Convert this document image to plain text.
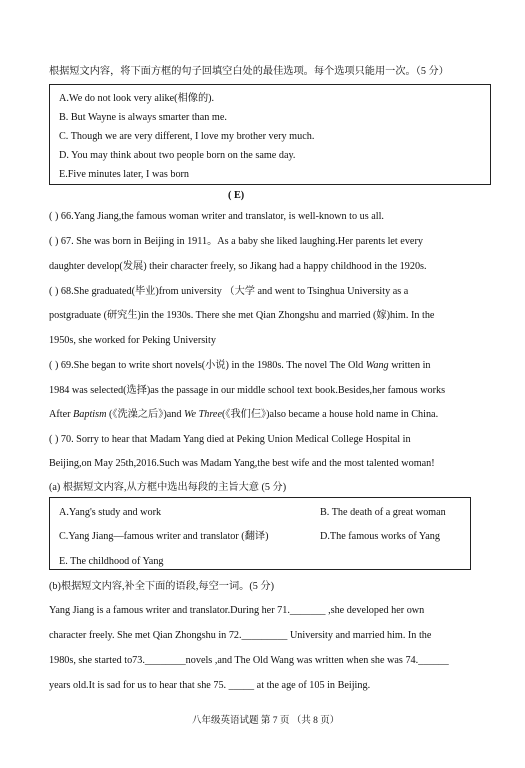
根据短文内容，将下面方框的句子回填空白处的最佳选项。每个选项只能用一次。（5 分）
A.We do not look very alike(相像的).
B. But Wayne is always smarter than me.
C. Though we are very different, I love my brother very much.
D. You may think about two people born on the same day.
E.Five minutes later, I was born
( E)
( ) 66.Yang Jiang,the famous woman writer and translator, is well-known to us all.
( ) 67. She was born in Beijing in 1911。As a baby she liked laughing.Her parents let every
daughter develop(发展) their character freely, so Jikang had a happy childhood in the 1920s.
( ) 68.She graduated(毕业)from university （大学 and went to Tsinghua University as a
postgraduate (研究生)in the 1930s. There she met Qian Zhongshu and married (嫁)him. In the
1950s, she worked for Peking University
( ) 69.She began to write short novels(小说) in the 1980s. The novel The Old Wang written in
1984 was selected(选择)as the passage in our middle school text book.Besides,her famous works
After Baptism (《洗澡之后》)and We Three(《我们仨》)also became a house hold name in China.
( ) 70. Sorry to hear that Madam Yang died at Peking Union Medical College Hospital in
Beijing,on May 25th,2016.Such was Madam Yang,the best wife and the most talented woman!
(a) 根据短文内容,从方框中选出每段的主旨大意 (5 分)
A.Yang's study and work	B. The death of a great woman
C.Yang Jiang—famous writer and translator (翻译)	D.The famous works of Yang
E. The childhood of Yang
(b)根据短文内容,补全下面的语段,每空一词。(5 分)
Yang Jiang is a famous writer and translator.During her 71._______ ,she developed her own
character freely. She met Qian Zhongshu in 72._________ University and married him. In the
1980s, she started to73.________novels ,and The Old Wang was written when she was 74.______
years old.It is sad for us to hear that she 75. _____ at the age of 105 in Beijing.
八年级英语试题 第 7 页 （共 8 页）
